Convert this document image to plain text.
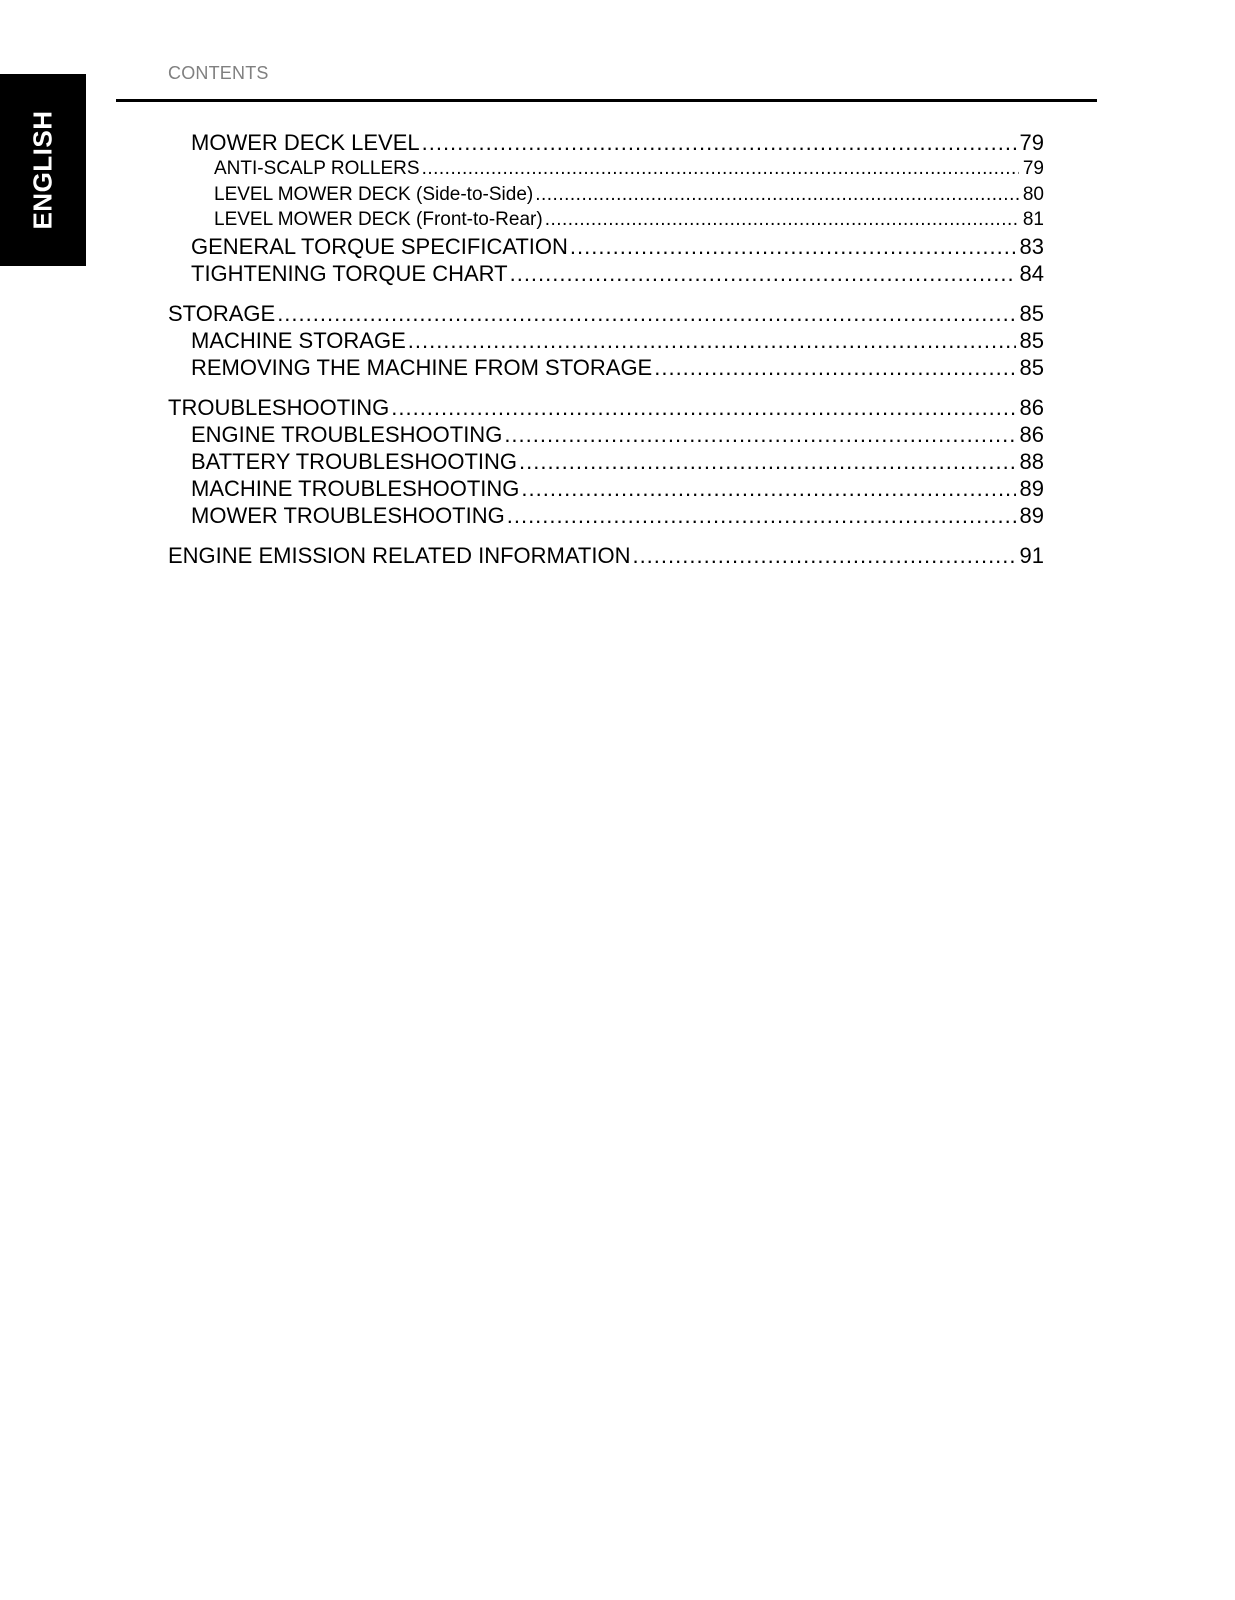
ENGLISH
CONTENTS
MOWER DECK LEVEL .....	79
ANTI-SCALP ROLLERS .....	79
LEVEL MOWER DECK (Side-to-Side) .....	80
LEVEL MOWER DECK (Front-to-Rear) .....	81
GENERAL TORQUE SPECIFICATION .....	83
TIGHTENING TORQUE CHART .....	84
STORAGE .....	85
MACHINE STORAGE .....	85
REMOVING THE MACHINE FROM STORAGE .....	85
TROUBLESHOOTING .....	86
ENGINE TROUBLESHOOTING .....	86
BATTERY TROUBLESHOOTING .....	88
MACHINE TROUBLESHOOTING .....	89
MOWER TROUBLESHOOTING .....	89
ENGINE EMISSION RELATED INFORMATION .....	91
